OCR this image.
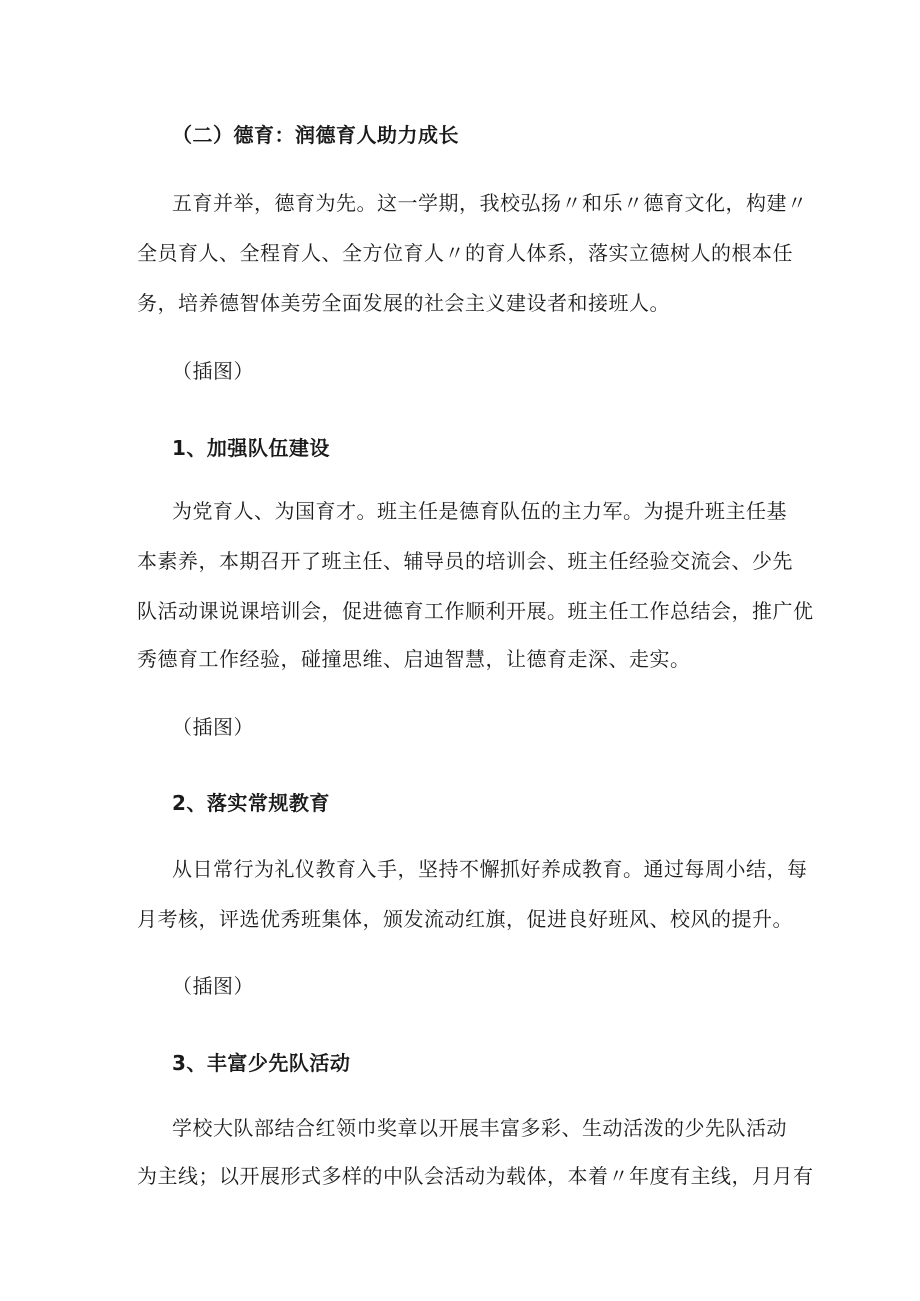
（二）德育：润德育人助力成长
五育并举，德育为先。这一学期，我校弘扬〃和乐〃德育文化，构建〃
全员育人、全程育人、全方位育人〃的育人体系，落实立德树人的根本任
务，培养德智体美劳全面发展的社会主义建设者和接班人。
（插图）
1、加强队伍建设
为党育人、为国育才。班主任是德育队伍的主力军。为提升班主任基
本素养，本期召开了班主任、辅导员的培训会、班主任经验交流会、少先
队活动课说课培训会，促进德育工作顺利开展。班主任工作总结会，推广优
秀德育工作经验，碰撞思维、启迪智慧，让德育走深、走实。
（插图）
2、落实常规教育
从日常行为礼仪教育入手，坚持不懈抓好养成教育。通过每周小结，每
月考核，评选优秀班集体，颁发流动红旗，促进良好班风、校风的提升。
（插图）
3、丰富少先队活动
学校大队部结合红领巾奖章以开展丰富多彩、生动活泼的少先队活动
为主线；以开展形式多样的中队会活动为载体，本着〃年度有主线，月月有
